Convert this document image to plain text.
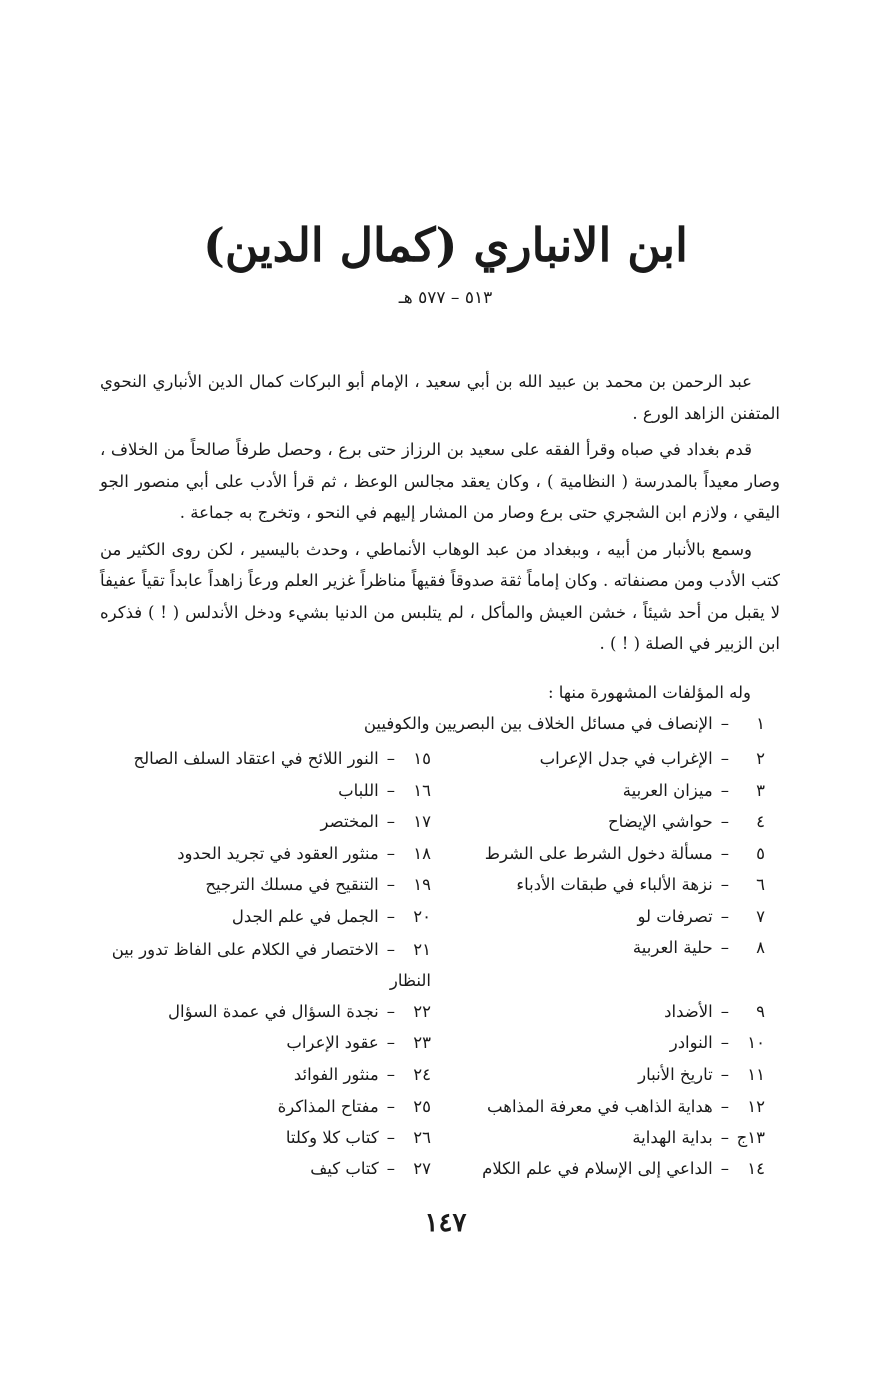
ابن الانباري (كمال الدين)
٥١٣ – ٥٧٧ هـ

عبد الرحمن بن محمد بن عبيد الله بن أبي سعيد ، الإمام أبو البركات كمال الدين الأنباري النحوي المتفنن الزاهد الورع .

قدم بغداد في صباه وقرأ الفقه على سعيد بن الرزاز حتى برع ، وحصل طرفاً صالحاً من الخلاف ، وصار معيداً بالمدرسة ( النظامية ) ، وكان يعقد مجالس الوعظ ، ثم قرأ الأدب على أبي منصور الجو اليقي ، ولازم ابن الشجري حتى برع وصار من المشار إليهم في النحو ، وتخرج به جماعة .

وسمع بالأنبار من أبيه ، وببغداد من عبد الوهاب الأنماطي ، وحدث باليسير ، لكن روى الكثير من كتب الأدب ومن مصنفاته . وكان إماماً ثقة صدوقاً فقيهاً مناظراً غزير العلم ورعاً زاهداً عابداً تقياً عفيفاً لا يقبل من أحد شيئاً ، خشن العيش والمأكل ، لم يتلبس من الدنيا بشيء ودخل الأندلس ( ! ) فذكره ابن الزبير في الصلة ( ! ) .

وله المؤلفات المشهورة منها :
١–الإنصاف في مسائل الخلاف بين البصريين والكوفيين
٢–الإغراب في جدل الإعراب
٣–ميزان العربية
٤–حواشي الإيضاح
٥–مسألة دخول الشرط على الشرط
٦–نزهة الألباء في طبقات الأدباء
٧–تصرفات لو
٨–حلية العربية
٩–الأضداد
١٠–النوادر
١١–تاريخ الأنبار
١٢–هداية الذاهب في معرفة المذاهب
١٣ج–بداية الهداية
١٤–الداعي إلى الإسلام في علم الكلام
١٥–النور اللائح في اعتقاد السلف الصالح
١٦–اللباب
١٧–المختصر
١٨–منثور العقود في تجريد الحدود
١٩–التنقيح في مسلك الترجيح
٢٠–الجمل في علم الجدل
٢١–الاختصار في الكلام على الفاظ تدور بين النظار
٢٢–نجدة السؤال في عمدة السؤال
٢٣–عقود الإعراب
٢٤–منثور الفوائد
٢٥–مفتاح المذاكرة
٢٦–كتاب كلا وكلتا
٢٧–كتاب كيف
١٤٧
